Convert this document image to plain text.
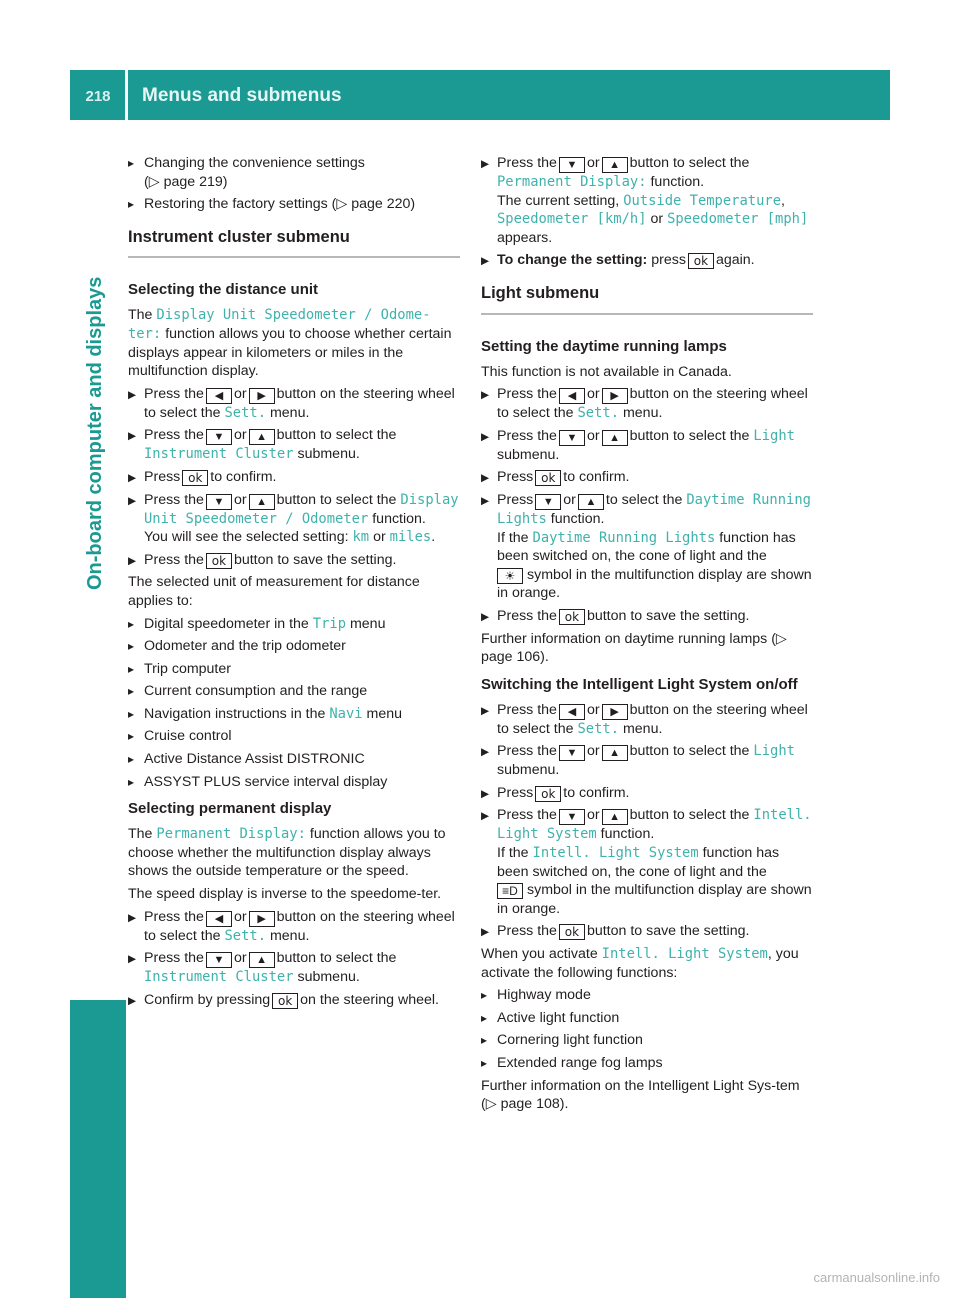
218	Menus and submenus
On-board computer and displays
▸ Changing the convenience settings
(▷ page 219)
▸ Restoring the factory settings (▷ page 220)
Instrument cluster submenu
Selecting the distance unit

The Display Unit Speedometer / Odome-
ter: function allows you to choose whether certain displays appear in kilometers or miles in the multifunction display.

▶ Press the ◀ or ▶ button on the steering wheel to select the Sett. menu.
▶ Press the ▼ or ▲ button to select the Instrument Cluster submenu.
▶ Press ok to confirm.
▶ Press the ▼ or ▲ button to select the Display Unit Speedometer / Odometer function.
You will see the selected setting: km or miles.
▶ Press the ok button to save the setting.

The selected unit of measurement for distance applies to:

▸ Digital speedometer in the Trip menu
▸ Odometer and the trip odometer
▸ Trip computer
▸ Current consumption and the range
▸ Navigation instructions in the Navi menu
▸ Cruise control
▸ Active Distance Assist DISTRONIC
▸ ASSYST PLUS service interval display
Selecting permanent display

The Permanent Display: function allows you to choose whether the multifunction display always shows the outside temperature or the speed.

The speed display is inverse to the speedome-ter.

▶ Press the ◀ or ▶ button on the steering wheel to select the Sett. menu.
▶ Press the ▼ or ▲ button to select the Instrument Cluster submenu.
▶ Confirm by pressing ok on the steering wheel.
▶ Press the ▼ or ▲ button to select the Permanent Display: function.
The current setting, Outside Temperature, Speedometer [km/h] or Speedometer [mph] appears.
▶ To change the setting: press ok again.
Light submenu
Setting the daytime running lamps

This function is not available in Canada.

▶ Press the ◀ or ▶ button on the steering wheel to select the Sett. menu.
▶ Press the ▼ or ▲ button to select the Light submenu.
▶ Press ok to confirm.
▶ Press ▼ or ▲ to select the Daytime Running Lights function.
If the Daytime Running Lights function has been switched on, the cone of light and the
☀ symbol in the multifunction display are shown in orange.
▶ Press the ok button to save the setting.

Further information on daytime running lamps (▷ page 106).

Switching the Intelligent Light System on/off
▶ Press the ◀ or ▶ button on the steering wheel to select the Sett. menu.
▶ Press the ▼ or ▲ button to select the Light submenu.
▶ Press ok to confirm.
▶ Press the ▼ or ▲ button to select the Intell. Light System function.
If the Intell. Light System function has been switched on, the cone of light and the
≡D symbol in the multifunction display are shown in orange.
▶ Press the ok button to save the setting.

When you activate Intell. Light System, you activate the following functions:

▸ Highway mode
▸ Active light function
▸ Cornering light function
▸ Extended range fog lamps

Further information on the Intelligent Light Sys-tem (▷ page 108).

carmanualsonline.info
